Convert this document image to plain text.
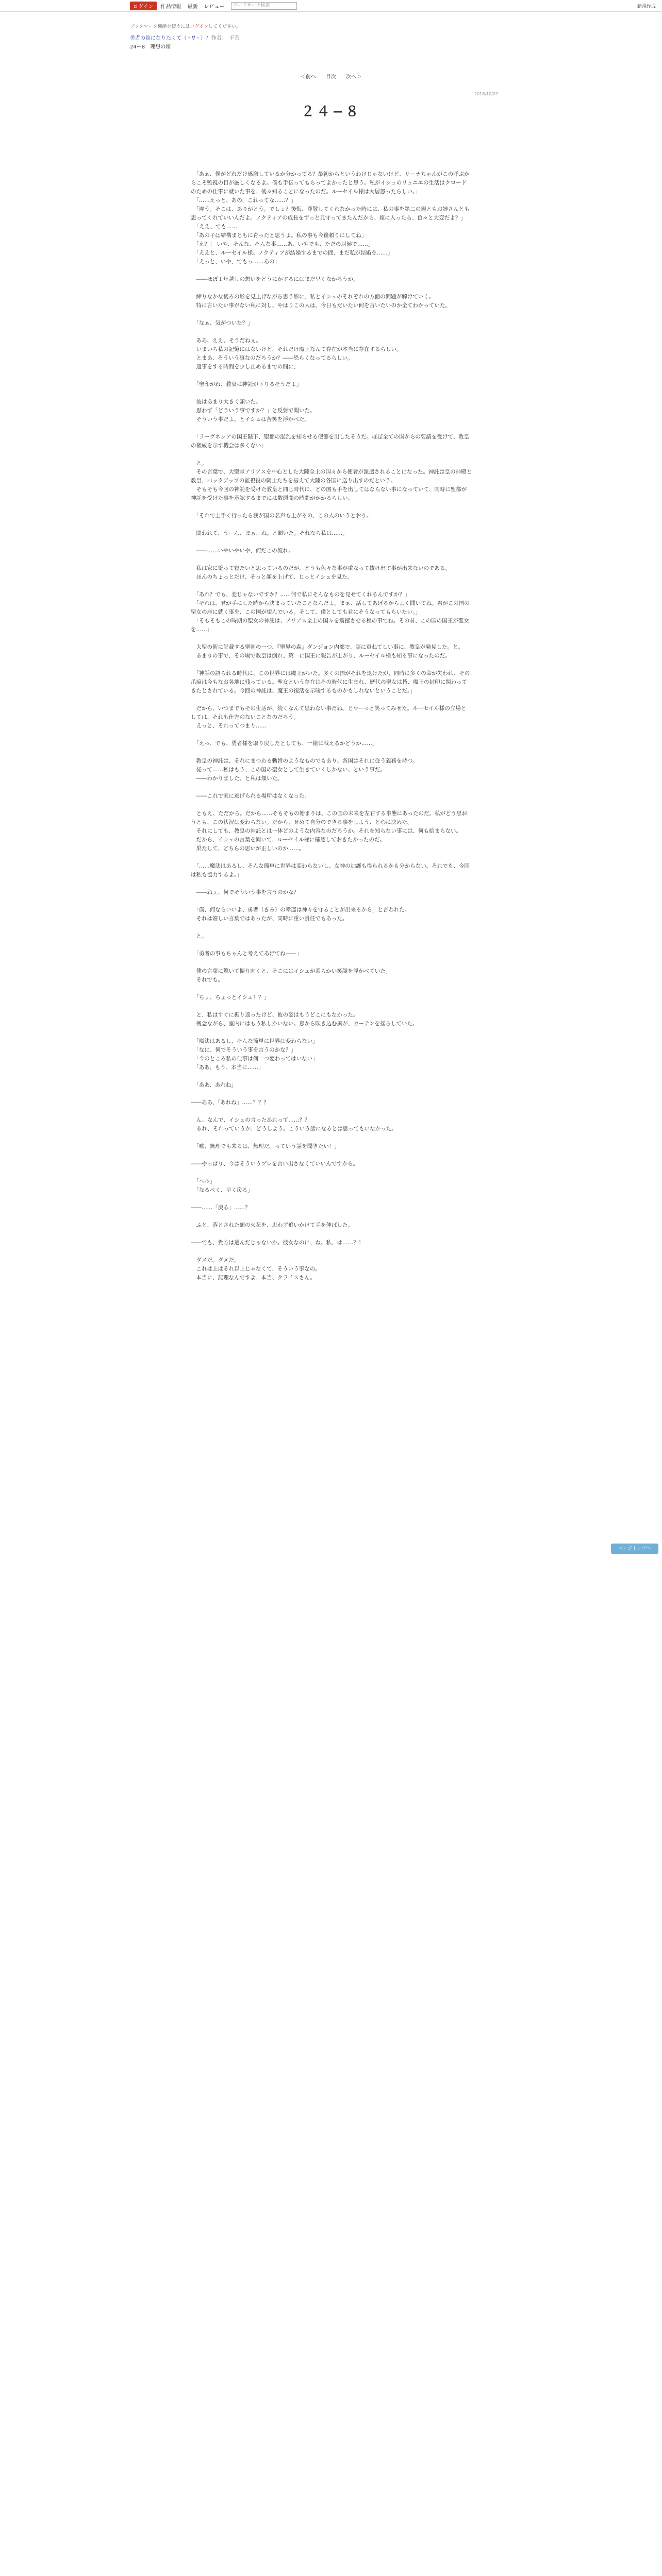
ログイン	作品情報 最新 レビュー	ワードサーチ検索	新規作成
ブックマーク機能を使うにはログインしてください。
勇者の嫁になりたくて（＾∇＾）ﾉ 作者：　千葉
24ー8　理想の嫁
＜前へ 目次 次へ＞
2016/10/07
２４−８

　「あぁ、僕がどれだけ感激しているか分かってる？最初からというわけじゃないけど、リーナちゃんがこの呼ぶからこそ監視の目が厳しくなるよ。僕も手伝ってもらってよかったと思う。私がイシュのリュニエの生活はクロードのための仕事に就いた事を、後々知ることになったのだ。ルーセイル様は大層怒ったらしい。」

　「……えっと、あの、これってな……？」

　「違う。そこは、ありがとう。でしょ？後悔、尊敬してくれなかった時には、私の事を第二の親ともお姉さんとも思ってくれていいんだよ。ノクティアの成長をずっと見守ってきたんだから、嫁に入ったら、色々と大変だよ？」

　「ええ、でも……」

　「あの子は結構まともに育ったと思うよ。私の事も今後頼りにしてね」

　「え？！ いや、そんな、そんな事……あ、いやでも、ただの居候で……」

　「ええと、ルーセイル様。ノクティアが結婚するまでの間、まだ私が結婚を……」

　「えっと、いや、でもっ……あの」

　――ほぼ１年越しの想いをどうにかするにはまだ早くなかろうか。

　締りなかな後ろの影を見上げながら思う影に、私とイシュのそれぞれの方面の問題が解けていく。

　特に言いたい事がない私に対し、やはりこの人は、今日もだいたい何を言いたいのか全てわかっていた。

　「なぁ、気がついた？」

　ああ、ええ、そうだねぇ。

　いまいち私の記憶にはないけど、それだけ魔王なんて存在が本当に存在するらしい。

　とまあ、そういう事なのだろうか？――恐らくなってるらしい。

　返事をする時間を少し止めるまでの間に、

　「聖印がね、教皇に神託が下りるそうだよ」

　彼はあまり大きく頷いた。

　思わず「どういう事ですか？」と反射で聞いた。

　そういう事だよ。とイシュは苦笑を浮かべた。

　「ラーグネシアの国王陛下、聖都の混乱を知らせる使節を出したそうだ。ほぼ全ての国からの要請を受けて、教皇の権威を示す機会は多くない」

　と。

　その言葉で、大聖堂アリアスを中心とした大陸全土の国々から使者が派遣されることになった。神託は皇の神殿と教皇、バックアップの監視役の騎士たちを揃えて大陸の各国に送り出すのだという。

　そもそも今回の神託を受けた教皇と同じ時代に、どの国も手を出してはならない事になっていて、同時に聖都が神託を受けた事を承認するまでには数週間の時間がかかるらしい。

　「それで上手く行ったら我が国の名声も上がるの、この人のいうとおり。」

　問われて、うーん、まぁ、ね。と頷いた。それなら私は……。

　――……いやいやいや、何だこの流れ。

　私は家に篭って寝たいと思っているのだが、どうも色々な事が重なって抜け出す事が出来ないのである。

　ほんのちょっとだけ、そっと顔を上げて、じっとイシュを見た。

　「あれ？でも、変じゃないですか？……何で私にそんなものを見せてくれるんですか？」

　「それは、君が手にした時から決まっていたことなんだよ。まぁ、話してあげるからよく聞いてね。君がこの国の聖女の座に就く事を、この国が望んでいる。そして、僕としても君にそうなってもらいたい。」

　「そもそもこの時期の聖女の神託は、アリアス全土の国々を震撼させる程の事でね。その昔、この国の国王が聖女を……」

　大聖の術に記載する聖剣の一つ、『聖界の森』ダンジョン内部で、実に重ねてしい事に、教皇が発見した。と。

　あまりの事で、その場で教皇は倒れ、第一に国王に報告が上がり、ルーセイル様も知る事になったのだ。

　「神話の語られる時代に、この世界には魔王がいた。多くの国がそれを退けたが、同時に多くの命が失われ、その爪痕は今もなお各地に残っている。聖女という存在はその時代に生まれ、歴代の聖女は皆、魔王の封印に関わってきたとされている。今回の神託は、魔王の復活を示唆するものかもしれないということだ。」

　だから、いつまでもその生活が、続くなんて思わない事だね。とウーっと笑ってみせた。ルーセイル様の立場としては、それも仕方のないことなのだろう。

　えっと、それってつまり……

　「えっ、でも、勇者様を取り戻したとしても、一緒に戦えるかどうか……」

　教皇の神託は、それにまつわる勅旨のようなものでもあり、各国はそれに従う義務を持つ。

　従って……私はもう、この国の聖女として生きていくしかない、という事だ。

　――わかりました、と私は頷いた。

　――これで家に逃げられる場所はなくなった。

　ともえ、ただから。だから……そもそもの始まりは、この国の未来を左右する事態にあったのだ。私がどう思おうとも、この状況は変わらない。だから、せめて自分のできる事をしよう、と心に決めた。

　それにしても、教皇の神託とは一体どのような内容なのだろうか。それを知らない事には、何も始まらない。

　だから、イシュの言葉を聞いて、ルーセイル様に確認しておきたかったのだ。

　果たして、どちらの思いが正しいのか……。

　「……魔法はあるし、そんな簡単に世界は変わらないし、女神の加護も得られるかも分からない。それでも、今回は私も協力するよ。」

　――ねぇ、何でそういう事を言うのかな？

　「僕、何ならいいよ、勇者（きみ）の幸運は神々を守ることが出来るから」と言われた。

　それは嬉しい言葉ではあったが、同時に重い責任でもあった。

　と。

　「勇者の事もちゃんと考えてあげてね——」

　僕の言葉に驚いて振り向くと、そこにはイシュが柔らかい笑顔を浮かべていた。

　それでも。

　「ちょ、ちょっとイシュ！？」

　と、私はすぐに振り返ったけど、彼の姿はもうどこにもなかった。

　残念ながら、室内にはもう私しかいない。窓から吹き込む風が、カーテンを揺らしていた。

　「魔法はあるし、そんな簡単に世界は変わらない」

　「なに、何でそういう事を言うのかな？」

　「今のところ私の仕事は何一つ変わってはいない」

　「ああ、もう、本当に……」

　「ああ、あれね」

――ああ、「あれね」……？？？

　ん、なんで、イシュの言ったあれって……？？

　あれ、それっていうか、どうしよう。こういう話になるとは思ってもいなかった。

　「嘘、無理でも来るは、無理だ。っていう話を聞きたい！」

――やっぱり、今はそういうブレを言い出さなくていいんですから。

　「ヘル」

　「なるべく、早く戻る」

――……「戻る」……？

　ふと、落とされた額の火花を、思わず追いかけて手を伸ばした。

――でも、貴方は選んだじゃないか。彼女なのに、ね。私、は……？！

　ダメだ。ダメだ。

　これは上はそれ以上じゃなくて、そういう事なの。

　本当に、無理なんですよ、本当、クライスさん。

ページトップへ
